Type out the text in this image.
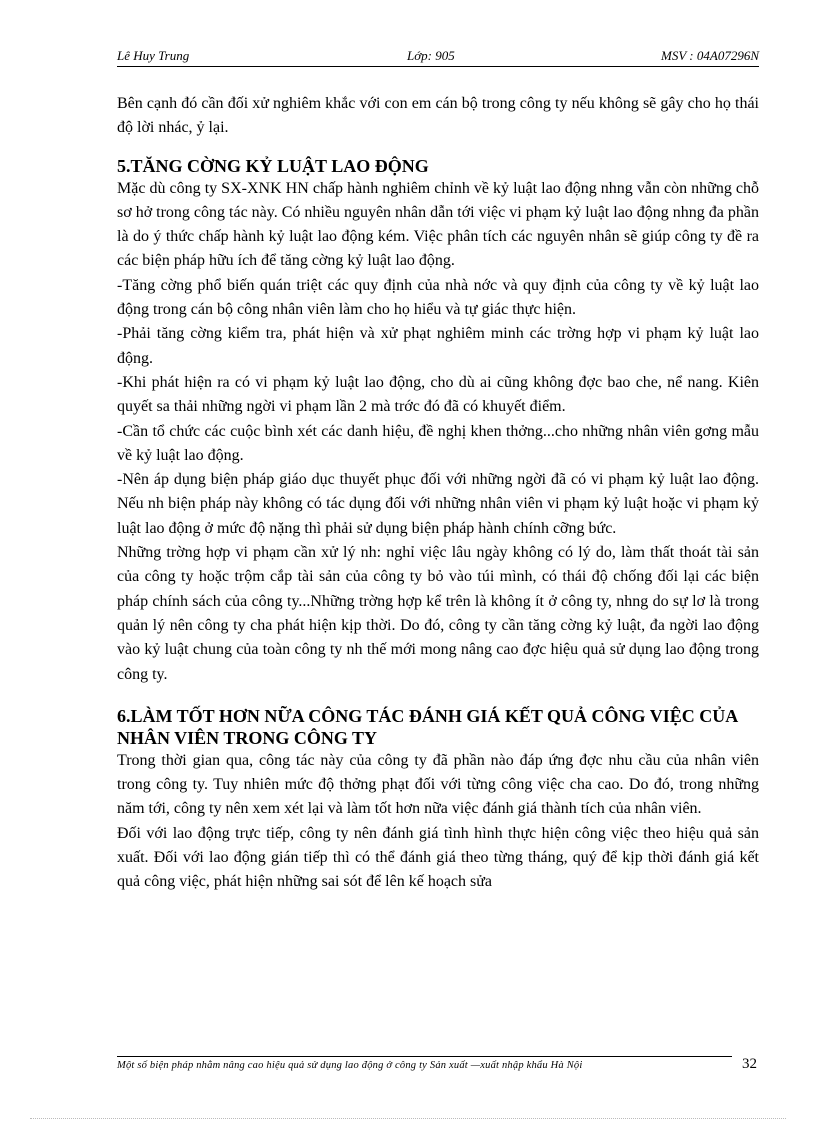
Lê Huy Trung	Lớp: 905	MSV : 04A07296N

Bên cạnh đó cần đối xử nghiêm khắc với con em cán bộ trong công ty nếu không sẽ gây cho họ thái độ lời nhác, ỷ lại.

5.TĂNG CỜNG KỶ LUẬT LAO ĐỘNG

Mặc dù công ty SX-XNK HN chấp hành nghiêm chỉnh về kỷ luật lao động nhng vẫn còn những chỗ sơ hở trong công tác này. Có nhiều nguyên nhân dẫn tới việc vi phạm kỷ luật lao động nhng đa phần là do ý thức chấp hành kỷ luật lao động kém. Việc phân tích các nguyên nhân sẽ giúp công ty đề ra các biện pháp hữu ích để tăng cờng kỷ luật lao động.

-Tăng cờng phổ biến quán triệt các quy định của nhà nớc và quy định của công ty về kỷ luật lao động trong cán bộ công nhân viên làm cho họ hiểu và tự giác thực hiện.

-Phải tăng cờng kiểm tra, phát hiện và xử phạt nghiêm minh các trờng hợp vi phạm kỷ luật lao động.

-Khi phát hiện ra có vi phạm kỷ luật lao động, cho dù ai cũng không đợc bao che, nể nang. Kiên quyết sa thải những ngời vi phạm lần 2 mà trớc đó đã có khuyết điểm.

-Cần tổ chức các cuộc bình xét các danh hiệu, đề nghị khen thởng...cho những nhân viên gơng mẫu về kỷ luật lao động.

-Nên áp dụng biện pháp giáo dục thuyết phục đối với những ngời đã có vi phạm kỷ luật lao động. Nếu nh biện pháp này không có tác dụng đối với những nhân viên vi phạm kỷ luật hoặc vi phạm kỷ luật lao động ở mức độ nặng thì phải sử dụng biện pháp hành chính cỡng bức.

Những trờng hợp vi phạm cần xử lý nh: nghỉ việc lâu ngày không có lý do, làm thất thoát tài sản của công ty hoặc trộm cắp tài sản của công ty bỏ vào túi mình, có thái độ chống đối lại các biện pháp chính sách của công ty...Những trờng hợp kể trên là không ít ở công ty, nhng do sự lơ là trong quản lý nên công ty cha phát hiện kịp thời. Do đó, công ty cần tăng cờng kỷ luật, đa ngời lao động vào kỷ luật chung của toàn công ty nh thế mới mong nâng cao đợc hiệu quả sử dụng lao động trong công ty.

6.LÀM TỐT HƠN NỮA CÔNG TÁC ĐÁNH GIÁ KẾT QUẢ CÔNG VIỆC CỦA NHÂN VIÊN TRONG CÔNG TY

Trong thời gian qua, công tác này của công ty đã phần nào đáp ứng đợc nhu cầu của nhân viên trong công ty. Tuy nhiên mức độ thởng phạt đối với từng công việc cha cao. Do đó, trong những năm tới, công ty nên xem xét lại và làm tốt hơn nữa việc đánh giá thành tích của nhân viên.

Đối với lao động trực tiếp, công ty nên đánh giá tình hình thực hiện công việc theo hiệu quả sản xuất. Đối với lao động gián tiếp thì có thể đánh giá theo từng tháng, quý để kịp thời đánh giá kết quả công việc, phát hiện những sai sót để lên kế hoạch sửa

Một số biện pháp nhằm nâng cao hiệu quả sử dụng lao động ở công ty Sản xuất —xuất nhập khẩu Hà Nội	32
